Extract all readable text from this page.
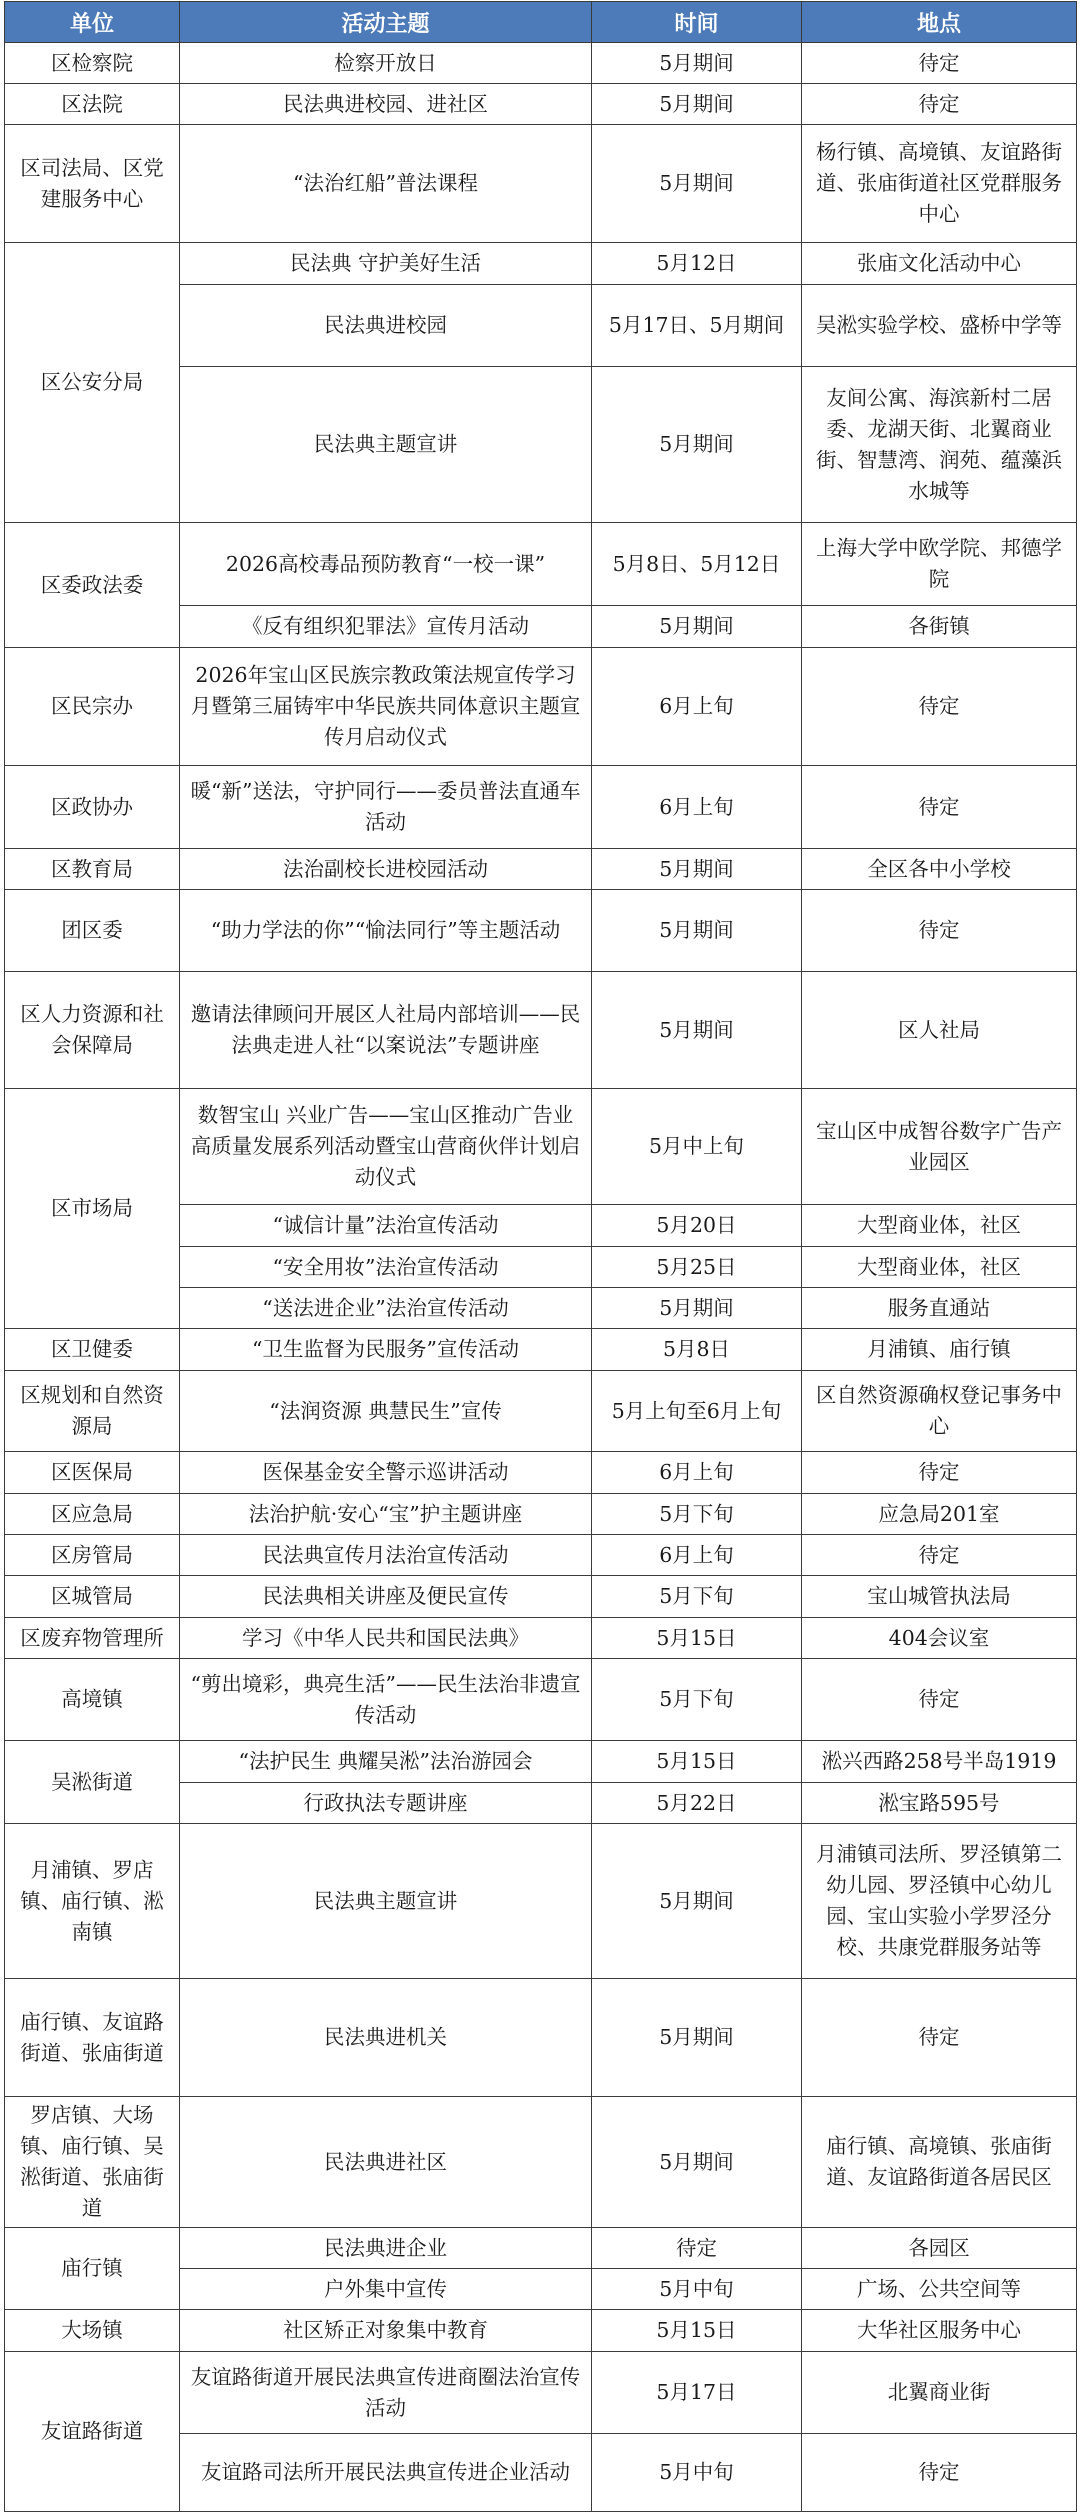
单位	活动主题	时间	地点
区检察院	检察开放日	5月期间	待定
区法院	民法典进校园、进社区	5月期间	待定
区司法局、区党建服务中心	“法治红船”普法课程	5月期间	杨行镇、高境镇、友谊路街道、张庙街道社区党群服务中心
区公安分局	民法典 守护美好生活	5月12日	张庙文化活动中心
	民法典进校园	5月17日、5月期间	吴淞实验学校、盛桥中学等
	民法典主题宣讲	5月期间	友间公寓、海滨新村二居委、龙湖天街、北翼商业街、智慧湾、润苑、蕴藻浜水城等
区委政法委	2026高校毒品预防教育“一校一课”	5月8日、5月12日	上海大学中欧学院、邦德学院
	《反有组织犯罪法》宣传月活动	5月期间	各街镇
区民宗办	2026年宝山区民族宗教政策法规宣传学习月暨第三届铸牢中华民族共同体意识主题宣传月启动仪式	6月上旬	待定
区政协办	暖“新”送法，守护同行——委员普法直通车活动	6月上旬	待定
区教育局	法治副校长进校园活动	5月期间	全区各中小学校
团区委	“助力学法的你”“愉法同行”等主题活动	5月期间	待定
区人力资源和社会保障局	邀请法律顾问开展区人社局内部培训——民法典走进人社“以案说法”专题讲座	5月期间	区人社局
区市场局	数智宝山 兴业广告——宝山区推动广告业高质量发展系列活动暨宝山营商伙伴计划启动仪式	5月中上旬	宝山区中成智谷数字广告产业园区
	“诚信计量”法治宣传活动	5月20日	大型商业体，社区
	“安全用妆”法治宣传活动	5月25日	大型商业体，社区
	“送法进企业”法治宣传活动	5月期间	服务直通站
区卫健委	“卫生监督为民服务”宣传活动	5月8日	月浦镇、庙行镇
区规划和自然资源局	“法润资源 典慧民生”宣传	5月上旬至6月上旬	区自然资源确权登记事务中心
区医保局	医保基金安全警示巡讲活动	6月上旬	待定
区应急局	法治护航·安心“宝”护主题讲座	5月下旬	应急局201室
区房管局	民法典宣传月法治宣传活动	6月上旬	待定
区城管局	民法典相关讲座及便民宣传	5月下旬	宝山城管执法局
区废弃物管理所	学习《中华人民共和国民法典》	5月15日	404会议室
高境镇	“剪出境彩，典亮生活”——民生法治非遗宣传活动	5月下旬	待定
吴淞街道	“法护民生 典耀吴淞”法治游园会	5月15日	淞兴西路258号半岛1919
	行政执法专题讲座	5月22日	淞宝路595号
月浦镇、罗店镇、庙行镇、淞南镇	民法典主题宣讲	5月期间	月浦镇司法所、罗泾镇第二幼儿园、罗泾镇中心幼儿园、宝山实验小学罗泾分校、共康党群服务站等
庙行镇、友谊路街道、张庙街道	民法典进机关	5月期间	待定
罗店镇、大场镇、庙行镇、吴淞街道、张庙街道	民法典进社区	5月期间	庙行镇、高境镇、张庙街道、友谊路街道各居民区
庙行镇	民法典进企业	待定	各园区
	户外集中宣传	5月中旬	广场、公共空间等
大场镇	社区矫正对象集中教育	5月15日	大华社区服务中心
友谊路街道	友谊路街道开展民法典宣传进商圈法治宣传活动	5月17日	北翼商业街
	友谊路司法所开展民法典宣传进企业活动	5月中旬	待定
